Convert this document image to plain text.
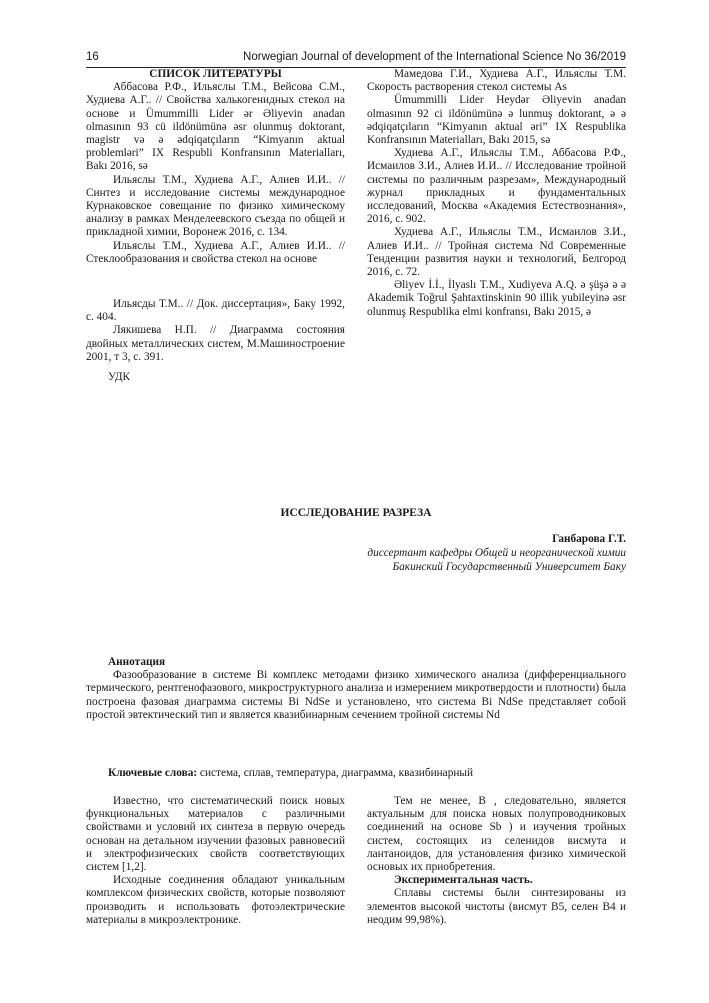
16	Norwegian Journal of development of the International Science No 36/2019

СПИСОК ЛИТЕРАТУРЫ

Аббасова Р.Ф., Ильяслы Т.М., Вейсова С.М., Худиева А.Г.. // Свойства халькогенидных стекол на основе и Ümummilli Lider ər Əliyevin anadan olmasının 93 cü ildönümünə əsr olunmuş doktorant, magistr və ə ədqiqatçıların “Kimyanın aktual problemləri” IX Respubli Konfransının Materialları, Bakı 2016, sə

Ильяслы Т.М., Худиева А.Г., Алиев И.И.. // Синтез и исследование системы международное Курнаковское совещание по физико химическому анализу в рамках Менделеевского съезда по общей и прикладной химии, Воронеж 2016, с. 134.

Ильяслы Т.М., Худиева А.Г., Алиев И.И.. // Стеклообразования и свойства стекол на основе

Ильясды Т.М.. // Док. диссертация», Баку 1992, с. 404.

Лякишева Н.П. // Диаграмма состояния двойных металлических систем, М.Машиностроение 2001, т 3, с. 391.

Мамедова Г.И., Худиева А.Г., Ильяслы Т.М. Скорость растворения стекол системы As

Ümummilli Lider Heydər Əliyevin anadan olmasının 92 ci ildönümünə ə lunmuş doktorant, ə ə ədqiqatçıların “Kimyanın aktual əri” IX Respublika Konfransının Materialları, Bakı 2015, sə

Худиева А.Г., Ильяслы Т.М., Аббасова Р.Ф., Исмаилов З.И., Алиев И.И.. // Исследование тройной системы по различным разрезам», Международный журнал прикладных и фундаментальных исследований, Москва «Академия Естествознания», 2016, с. 902.

Худиева А.Г., Ильяслы Т.М., Исмаилов З.И., Алиев И.И.. // Тройная система Nd Современные Тенденции развития науки и технологий, Белгород 2016, с. 72.

Əliyev İ.İ., İlyaslı T.M., Xudiyeva A.Q. ə şüşə ə ə Akademik Toğrul Şahtaxtinskinin 90 illik yubileyinə əsr olunmuş Respublika elmi konfransı, Bakı 2015, ə

УДК
ИССЛЕДОВАНИЕ РАЗРЕЗА
Ганбарова Г.Т.
диссертант кафедры Общей и неорганической химии
Бакинский Государственный Университет Баку

Аннотация

Фазообразование в системе Bi комплекс методами физико химического анализа (дифференциального термического, рентгенофазового, микроструктурного анализа и измерением микротвердости и плотности) была построена фазовая диаграмма системы Bi NdSe и установлено, что система Bi NdSe представляет собой простой эвтектический тип и является квазибинарным сечением тройной системы Nd

Ключевые слова: система, сплав, температура, диаграмма, квазибинарный

Известно, что систематический поиск новых функциональных материалов с различными свойствами и условий их синтеза в первую очередь основан на детальном изучении фазовых равновесий и электрофизических свойств соответствующих систем [1,2].

Исходные соединения обладают уникальным комплексом физических свойств, которые позволяют производить и использовать фотоэлектрические материалы в микроэлектронике.

Тем не менее, В , следовательно, является актуальным для поиска новых полупроводниковых соединений на основе Sb ) и изучения тройных систем, состоящих из селенидов висмута и лантаноидов, для установления физико химической основых их приобретения.

Экспериментальная часть.

Сплавы системы были синтезированы из элементов высокой чистоты (висмут B5, селен B4 и неодим 99,98%).
